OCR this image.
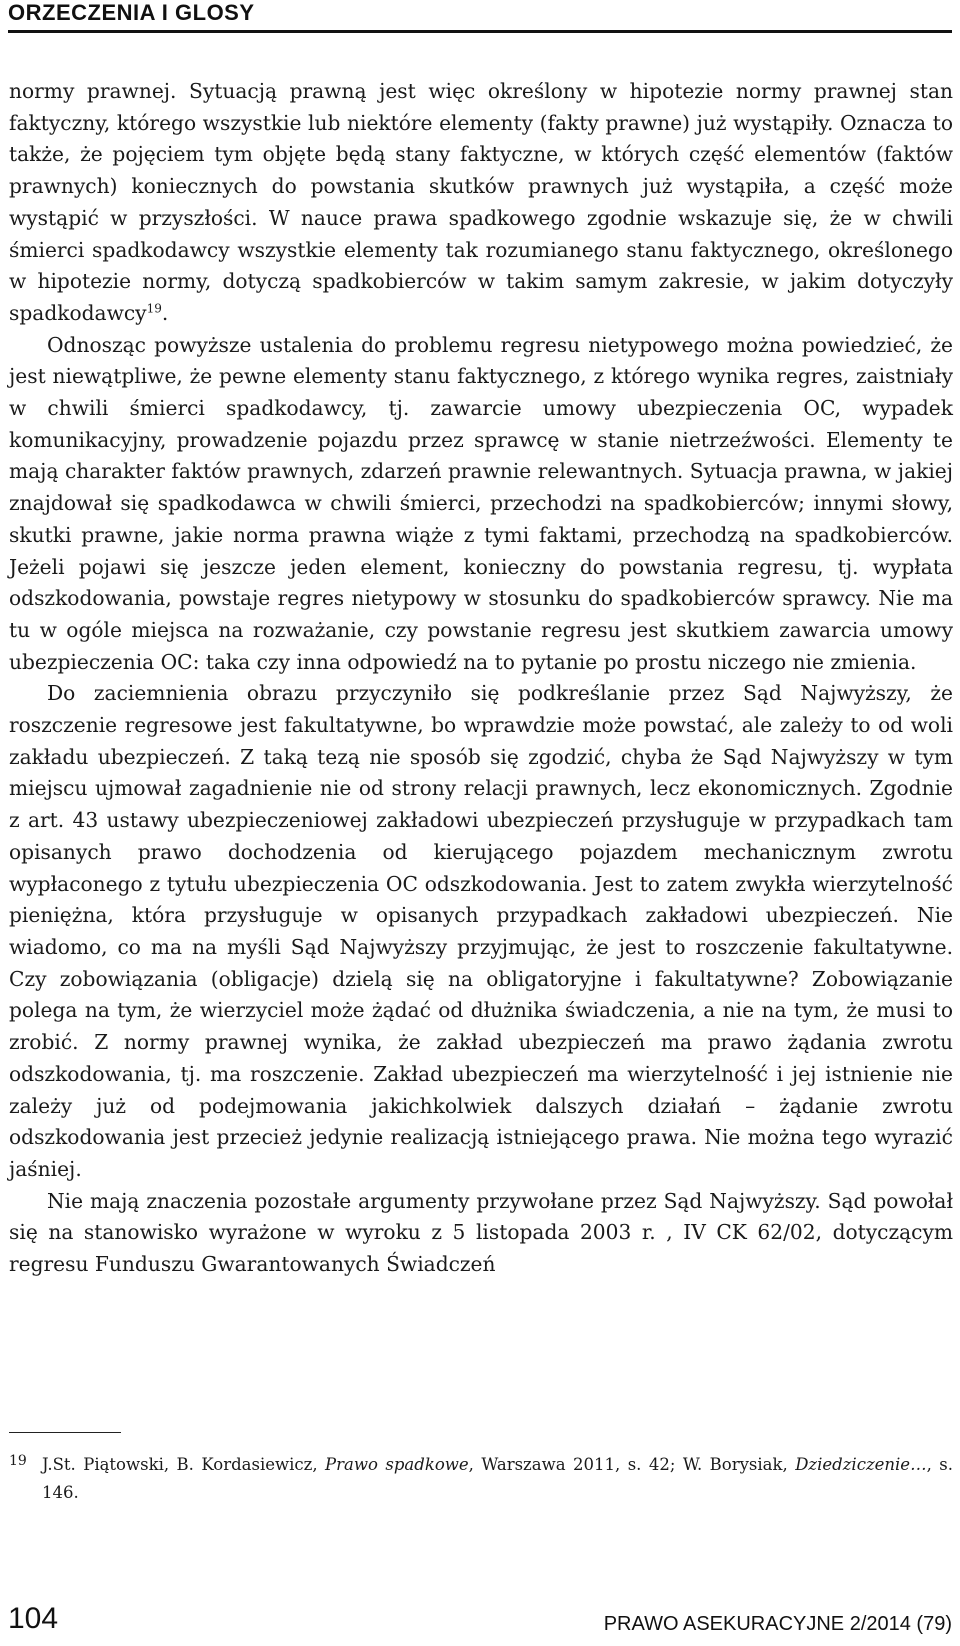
ORZECZENIA I GLOSY

normy prawnej. Sytuacją prawną jest więc określony w hipotezie normy prawnej stan faktyczny, którego wszystkie lub niektóre elementy (fakty prawne) już wystąpiły. Oznacza to także, że pojęciem tym objęte będą stany faktyczne, w których część elementów (faktów prawnych) koniecznych do powstania skutków prawnych już wystąpiła, a część może wystąpić w przyszłości. W nauce prawa spadkowego zgodnie wskazuje się, że w chwili śmierci spadkodawcy wszystkie elementy tak rozumianego stanu faktycznego, określonego w hipotezie normy, dotyczą spadkobierców w takim samym zakresie, w jakim dotyczyły spadkodawcy$^{19}$.

Odnosząc powyższe ustalenia do problemu regresu nietypowego można powiedzieć, że jest niewątpliwe, że pewne elementy stanu faktycznego, z którego wynika regres, zaistniały w chwili śmierci spadkodawcy, tj. zawarcie umowy ubezpieczenia OC, wypadek komunikacyjny, prowadzenie pojazdu przez sprawcę w stanie nietrzeźwości. Elementy te mają charakter faktów prawnych, zdarzeń prawnie relewantnych. Sytuacja prawna, w jakiej znajdował się spadkodawca w chwili śmierci, przechodzi na spadkobierców; innymi słowy, skutki prawne, jakie norma prawna wiąże z tymi faktami, przechodzą na spadkobierców. Jeżeli pojawi się jeszcze jeden element, konieczny do powstania regresu, tj. wypłata odszkodowania, powstaje regres nietypowy w stosunku do spadkobierców sprawcy. Nie ma tu w ogóle miejsca na rozważanie, czy powstanie regresu jest skutkiem zawarcia umowy ubezpieczenia OC: taka czy inna odpowiedź na to pytanie po prostu niczego nie zmienia.

Do zaciemnienia obrazu przyczyniło się podkreślanie przez Sąd Najwyższy, że roszczenie regresowe jest fakultatywne, bo wprawdzie może powstać, ale zależy to od woli zakładu ubezpieczeń. Z taką tezą nie sposób się zgodzić, chyba że Sąd Najwyższy w tym miejscu ujmował zagadnienie nie od strony relacji prawnych, lecz ekonomicznych. Zgodnie z art. 43 ustawy ubezpieczeniowej zakładowi ubezpieczeń przysługuje w przypadkach tam opisanych prawo dochodzenia od kierującego pojazdem mechanicznym zwrotu wypłaconego z tytułu ubezpieczenia OC odszkodowania. Jest to zatem zwykła wierzytelność pieniężna, która przysługuje w opisanych przypadkach zakładowi ubezpieczeń. Nie wiadomo, co ma na myśli Sąd Najwyższy przyjmując, że jest to roszczenie fakultatywne. Czy zobowiązania (obligacje) dzielą się na obligatoryjne i fakultatywne? Zobowiązanie polega na tym, że wierzyciel może żądać od dłużnika świadczenia, a nie na tym, że musi to zrobić. Z normy prawnej wynika, że zakład ubezpieczeń ma prawo żądania zwrotu odszkodowania, tj. ma roszczenie. Zakład ubezpieczeń ma wierzytelność i jej istnienie nie zależy już od podejmowania jakichkolwiek dalszych działań – żądanie zwrotu odszkodowania jest przecież jedynie realizacją istniejącego prawa. Nie można tego wyrazić jaśniej.

Nie mają znaczenia pozostałe argumenty przywołane przez Sąd Najwyższy. Sąd powołał się na stanowisko wyrażone w wyroku z 5 listopada 2003 r. , IV CK 62/02, dotyczącym regresu Funduszu Gwarantowanych Świadczeń

19 J.St. Piątowski, B. Kordasiewicz, Prawo spadkowe, Warszawa 2011, s. 42; W. Borysiak, Dziedziczenie…, s. 146.
104	PRAWO ASEKURACYJNE 2/2014 (79)
